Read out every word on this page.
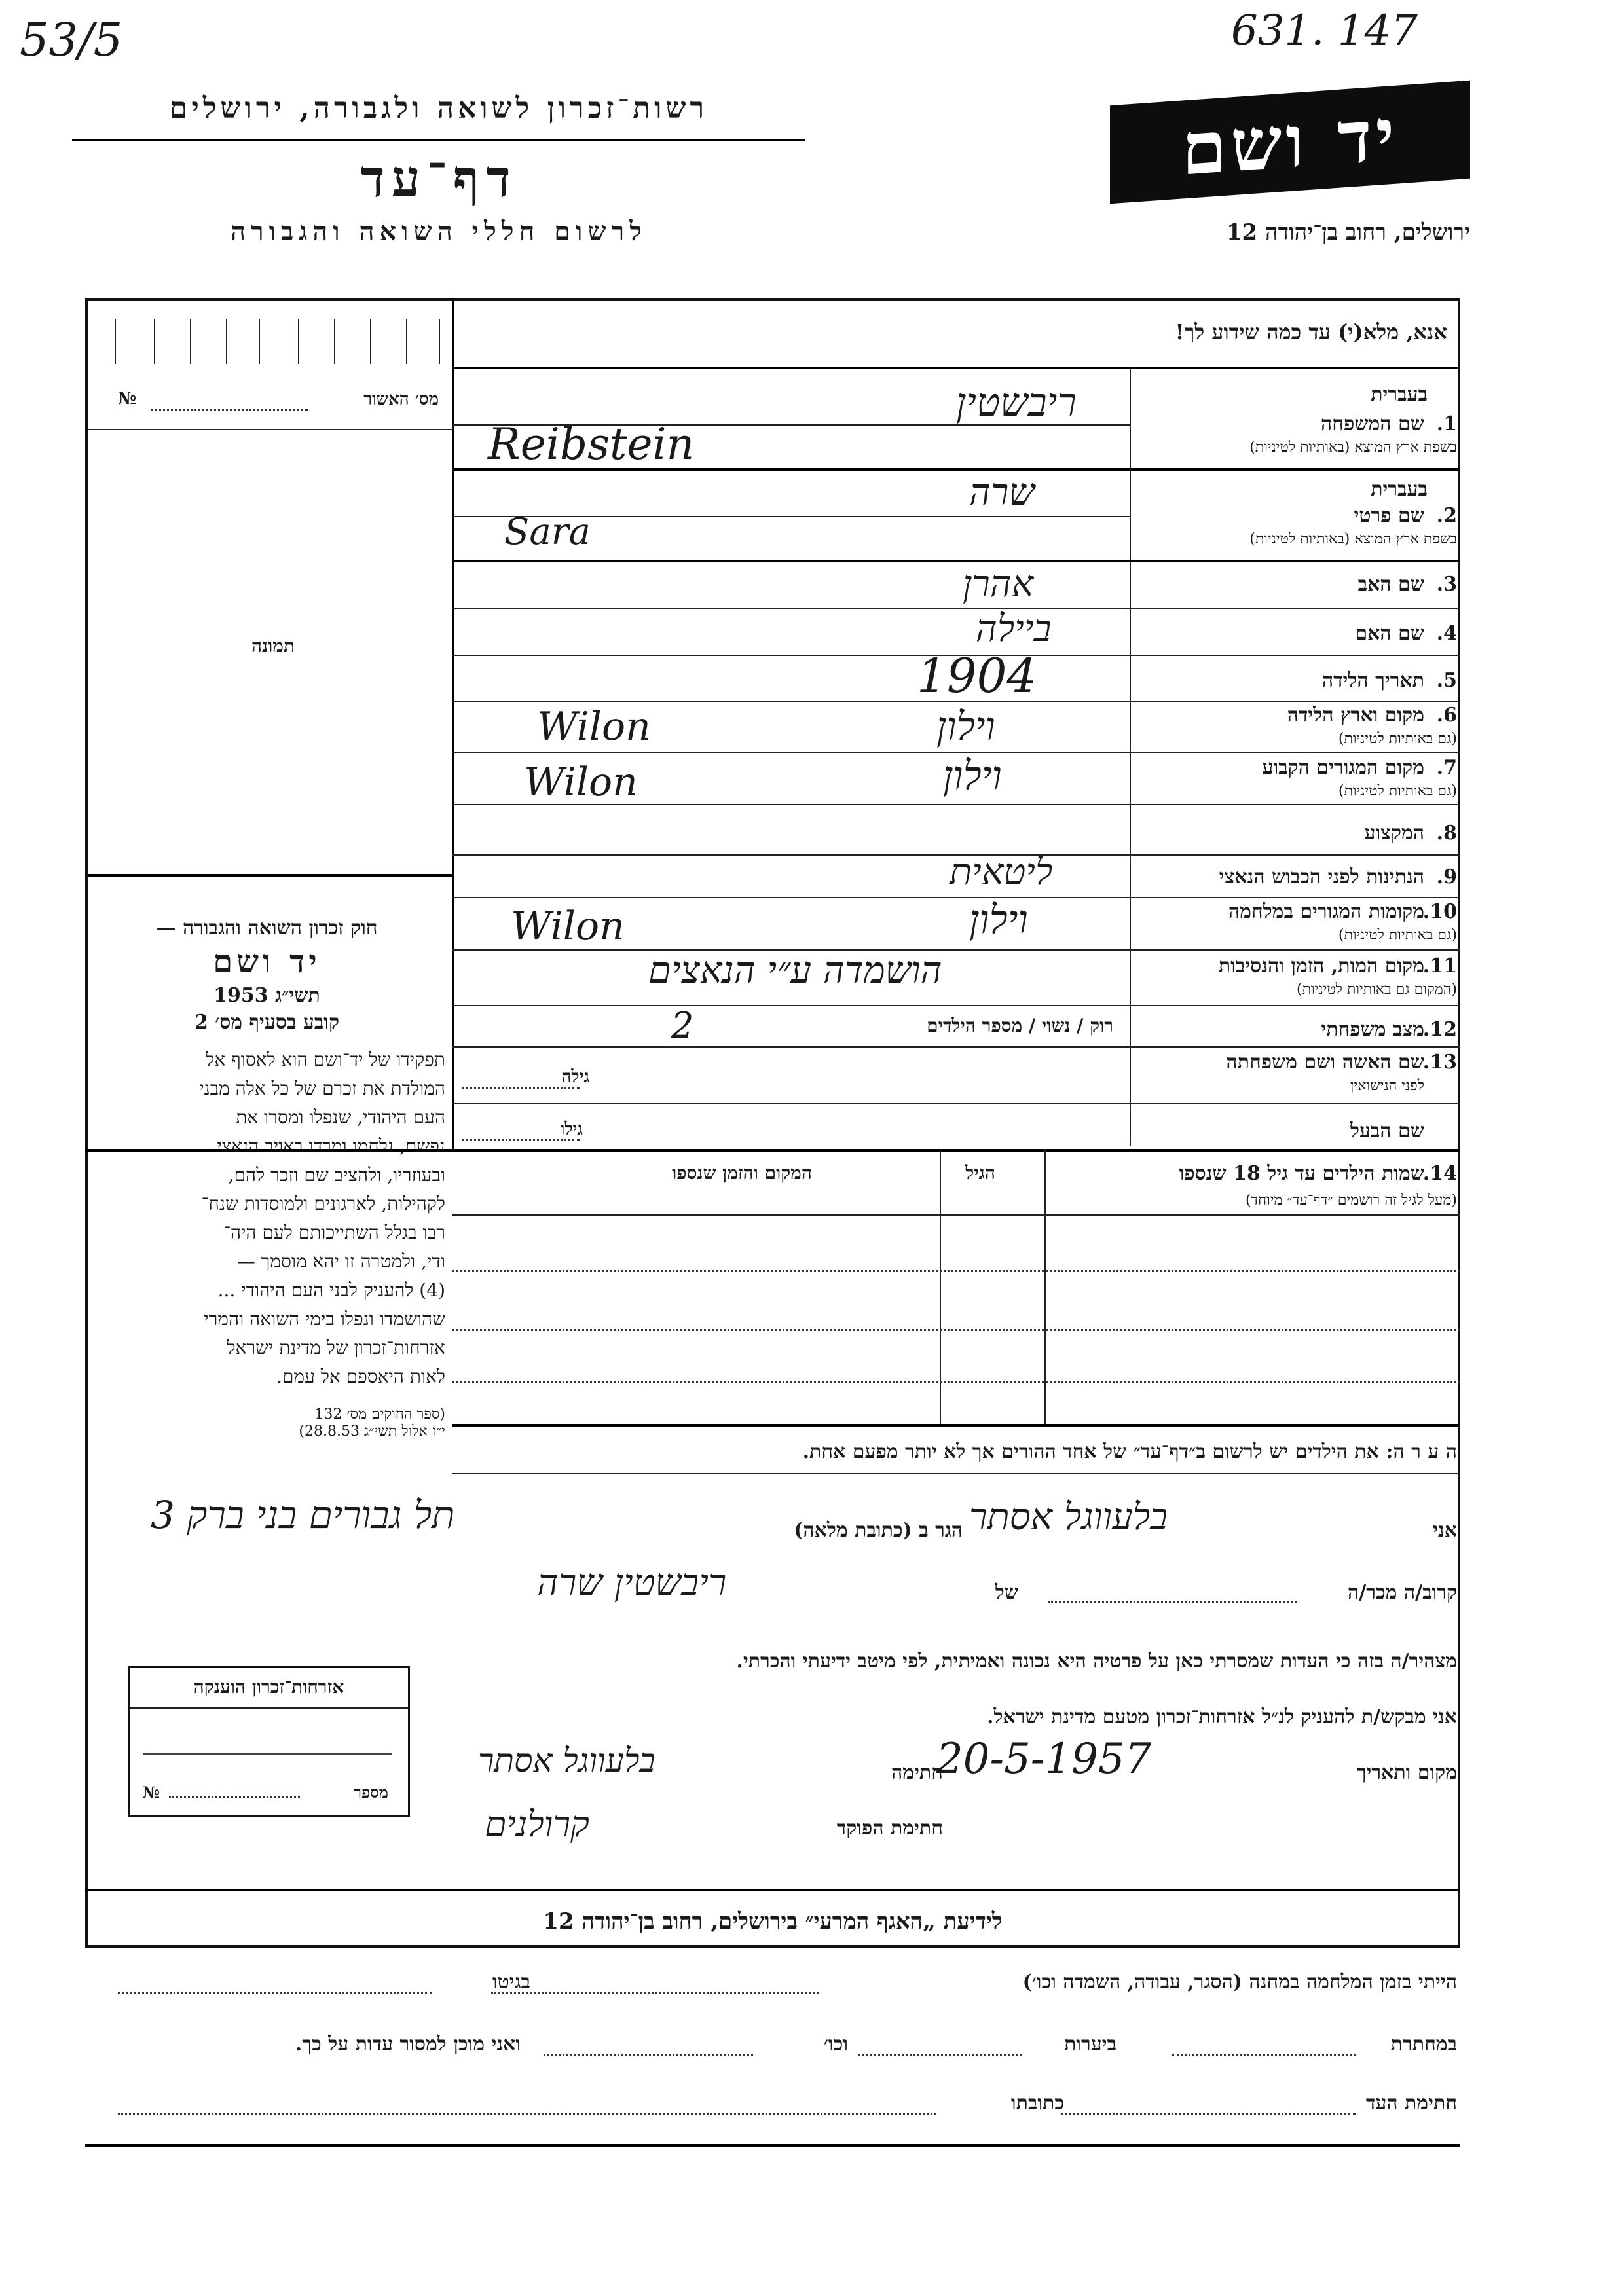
53/5	631. 147
רשות־זכרון לשואה ולגבורה, ירושלים
דף־עד
לרשום חללי השואה והגבורה
יד ושם
ירושלים, רחוב בן־יהודה 12
אנא, מלא(י) עד כמה שידוע לך!
מס׳ האשור
№
תמונה
חוק זכרון השואה והגבורה —
יד ושם
תשי״ג 1953
קובע בסעיף מס׳ 2
תפקידו של יד־ושם הוא לאסוף אל
המולדת את זכרם של כל אלה מבני
העם היהודי, שנפלו ומסרו את
נפשם, נלחמו ומרדו באויב הנאצי
ובעוזריו, ולהציב שם וזכר להם,
לקהילות, לארגונים ולמוסדות שנח־
רבו בגלל השתייכותם לעם היה־
ודי, ולמטרה זו יהא מוסמך —
(4) להעניק לבני העם היהודי ...
שהושמדו ונפלו בימי השואה והמרי
אזרחות־זכרון של מדינת ישראל
לאות היאספם אל עמם.
(ספר החוקים מס׳ 132
י״ז אלול תשי״ג 28.8.53)
אזרחות־זכרון הוענקה
מספר
№
בעברית
1.
שם המשפחה
בשפת ארץ המוצא (באותיות לטיניות)
ריבשטין
Reibstein
בעברית
2.
שם פרטי
בשפת ארץ המוצא (באותיות לטיניות)
שרה
Sara
3.
שם האב
אהרן
4.
שם האם
ביילה
5.
תאריך הלידה
1904
6.
מקום וארץ הלידה
(גם באותיות לטיניות)
וילון
Wilon
7.
מקום המגורים הקבוע
(גם באותיות לטיניות)
וילון
Wilon
8.
המקצוע
9.
הנתינות לפני הכבוש הנאצי
ליטאית
10.
מקומות המגורים במלחמה
(גם באותיות לטיניות)
וילון
Wilon
11.
מקום המות, הזמן והנסיבות
(המקום גם באותיות לטיניות)
הושמדה ע״י הנאצים
12.
מצב משפחתי
רוק / נשוי / מספר הילדים
2
13.
שם האשה ושם משפחתה
לפני הנישואין
גילה
שם הבעל
גילו
14.
שמות הילדים עד גיל 18 שנספו
(מעל לגיל זה רושמים ״דף־עד״ מיוחד)
הגיל
המקום והזמן שנספו
ה ע ר ה: את הילדים יש לרשום ב״דף־עד״ של אחד ההורים אך לא יותר מפעם אחת.
אני
בלעווגל אסתר
הגר ב (כתובת מלאה)
תל גבורים בני ברק 3
קרוב/ה מכר/ה
של
ריבשטין שרה
מצהיר/ה בזה כי העדות שמסרתי כאן על פרטיה היא נכונה ואמיתית, לפי מיטב ידיעתי והכרתי.
אני מבקש/ת להעניק לנ״ל אזרחות־זכרון מטעם מדינת ישראל.
מקום ותאריך
20-5-1957
חתימה
בלעווגל אסתר
חתימת הפוקד
קרולנים
לידיעת „האגף המרעי״ בירושלים, רחוב בן־יהודה 12
הייתי בזמן המלחמה במחנה (הסגר, עבודה, השמדה וכו׳)
בגיטו
במחתרת
ביערות
וכו׳
ואני מוכן למסור עדות על כך.
חתימת העד
כתובתו
